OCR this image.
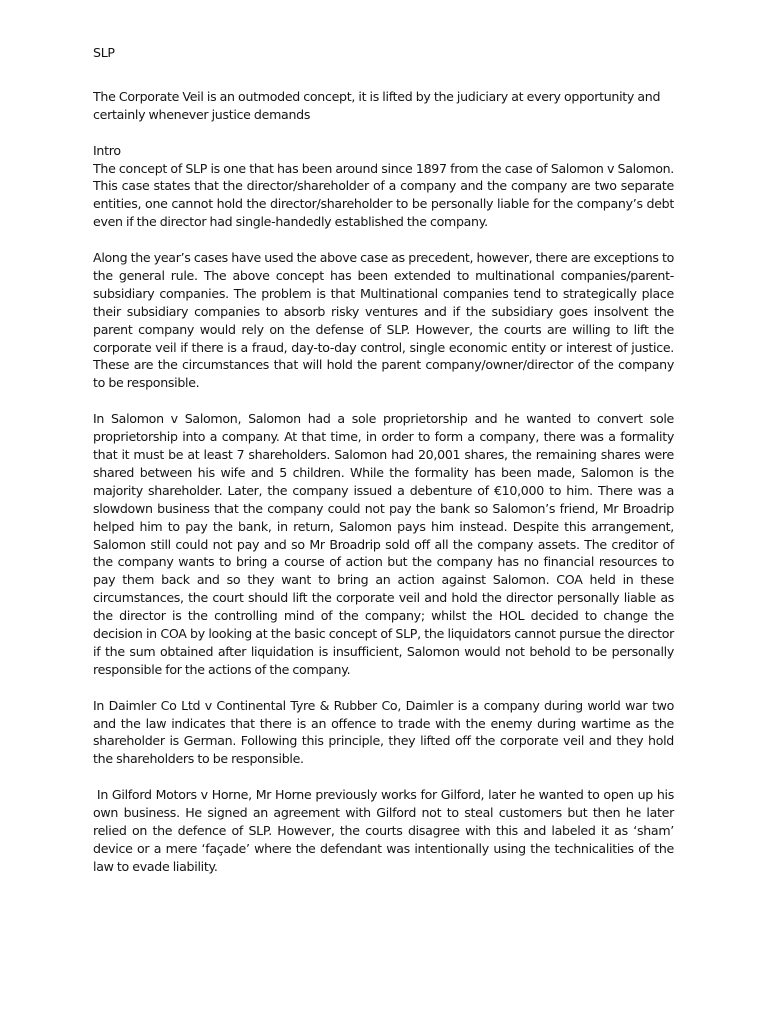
SLP

The Corporate Veil is an outmoded concept, it is lifted by the judiciary at every opportunity and certainly whenever justice demands

Intro

The concept of SLP is one that has been around since 1897 from the case of Salomon v Salomon. This case states that the director/shareholder of a company and the company are two separate entities, one cannot hold the director/shareholder to be personally liable for the company’s debt even if the director had single-handedly established the company.

Along the year’s cases have used the above case as precedent, however, there are exceptions to the general rule. The above concept has been extended to multinational companies/parent-subsidiary companies. The problem is that Multinational companies tend to strategically place their subsidiary companies to absorb risky ventures and if the subsidiary goes insolvent the parent company would rely on the defense of SLP. However, the courts are willing to lift the corporate veil if there is a fraud, day-to-day control, single economic entity or interest of justice. These are the circumstances that will hold the parent company/owner/director of the company to be responsible.

In Salomon v Salomon, Salomon had a sole proprietorship and he wanted to convert sole proprietorship into a company. At that time, in order to form a company, there was a formality that it must be at least 7 shareholders. Salomon had 20,001 shares, the remaining shares were shared between his wife and 5 children. While the formality has been made, Salomon is the majority shareholder. Later, the company issued a debenture of €10,000 to him. There was a slowdown business that the company could not pay the bank so Salomon’s friend, Mr Broadrip helped him to pay the bank, in return, Salomon pays him instead. Despite this arrangement, Salomon still could not pay and so Mr Broadrip sold off all the company assets. The creditor of the company wants to bring a course of action but the company has no financial resources to pay them back and so they want to bring an action against Salomon. COA held in these circumstances, the court should lift the corporate veil and hold the director personally liable as the director is the controlling mind of the company; whilst the HOL decided to change the decision in COA by looking at the basic concept of SLP, the liquidators cannot pursue the director if the sum obtained after liquidation is insufficient, Salomon would not behold to be personally responsible for the actions of the company.

In Daimler Co Ltd v Continental Tyre & Rubber Co, Daimler is a company during world war two and the law indicates that there is an offence to trade with the enemy during wartime as the shareholder is German. Following this principle, they lifted off the corporate veil and they hold the shareholders to be responsible.

In Gilford Motors v Horne, Mr Horne previously works for Gilford, later he wanted to open up his own business. He signed an agreement with Gilford not to steal customers but then he later relied on the defence of SLP. However, the courts disagree with this and labeled it as ‘sham’ device or a mere ‘façade’ where the defendant was intentionally using the technicalities of the law to evade liability.
